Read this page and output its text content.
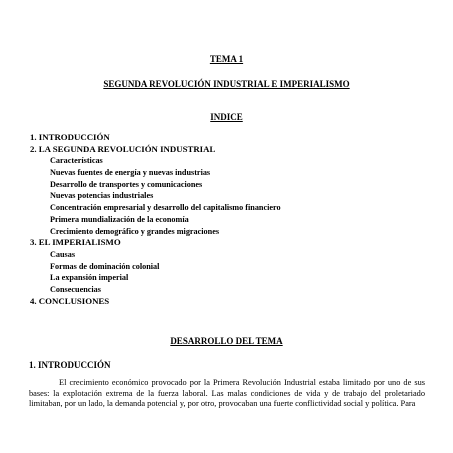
TEMA 1
SEGUNDA REVOLUCIÓN INDUSTRIAL E IMPERIALISMO
INDICE
1. INTRODUCCIÓN
2. LA SEGUNDA REVOLUCIÓN INDUSTRIAL
Características
Nuevas fuentes de energía y nuevas industrias
Desarrollo de transportes y comunicaciones
Nuevas potencias industriales
Concentración empresarial y desarrollo del capitalismo financiero
Primera mundialización de la economía
Crecimiento demográfico y grandes migraciones
3. EL IMPERIALISMO
Causas
Formas de dominación colonial
La expansión imperial
Consecuencias
4. CONCLUSIONES
DESARROLLO DEL TEMA
1. INTRODUCCIÓN

El crecimiento económico provocado por la Primera Revolución Industrial estaba limitado por uno de sus bases: la explotación extrema de la fuerza laboral. Las malas condiciones de vida y de trabajo del proletariado limitaban, por un lado, la demanda potencial y, por otro, provocaban una fuerte conflictividad social y política. Para
